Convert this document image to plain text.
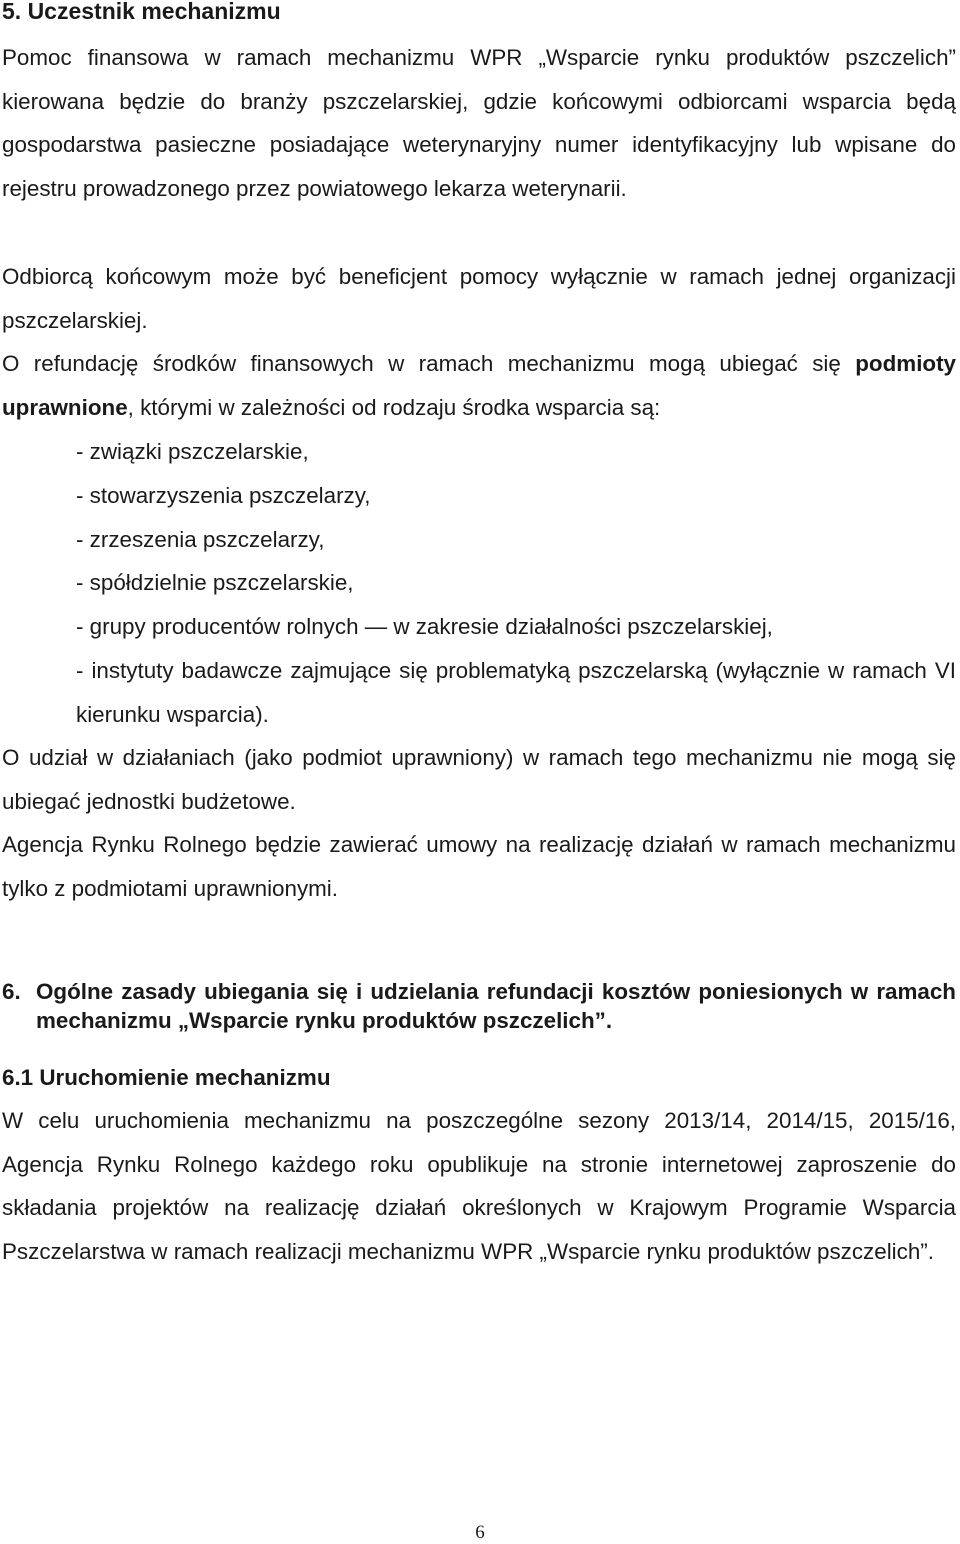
5. Uczestnik mechanizmu
Pomoc finansowa w ramach mechanizmu WPR „Wsparcie rynku produktów pszczelich” kierowana będzie do branży pszczelarskiej, gdzie końcowymi odbiorcami wsparcia będą gospodarstwa pasieczne posiadające weterynaryjny numer identyfikacyjny lub wpisane do rejestru prowadzonego przez powiatowego lekarza weterynarii.
Odbiorcą końcowym może być beneficjent pomocy wyłącznie w ramach jednej organizacji pszczelarskiej.
O refundację środków finansowych w ramach mechanizmu mogą ubiegać się podmioty uprawnione, którymi w zależności od rodzaju środka wsparcia są:
- związki pszczelarskie,
- stowarzyszenia pszczelarzy,
- zrzeszenia pszczelarzy,
- spółdzielnie pszczelarskie,
- grupy producentów rolnych — w zakresie działalności pszczelarskiej,
- instytuty badawcze zajmujące się problematyką pszczelarską (wyłącznie w ramach VI kierunku wsparcia).
O udział w działaniach (jako podmiot uprawniony) w ramach tego mechanizmu nie mogą się ubiegać jednostki budżetowe.
Agencja Rynku Rolnego będzie zawierać umowy na realizację działań w ramach mechanizmu tylko z podmiotami uprawnionymi.
6. Ogólne zasady ubiegania się i udzielania refundacji kosztów poniesionych w ramach mechanizmu „Wsparcie rynku produktów pszczelich”.
6.1 Uruchomienie mechanizmu
W celu uruchomienia mechanizmu na poszczególne sezony 2013/14, 2014/15, 2015/16, Agencja Rynku Rolnego każdego roku opublikuje na stronie internetowej zaproszenie do składania projektów na realizację działań określonych w Krajowym Programie Wsparcia Pszczelarstwa w ramach realizacji mechanizmu WPR „Wsparcie rynku produktów pszczelich”.
6
